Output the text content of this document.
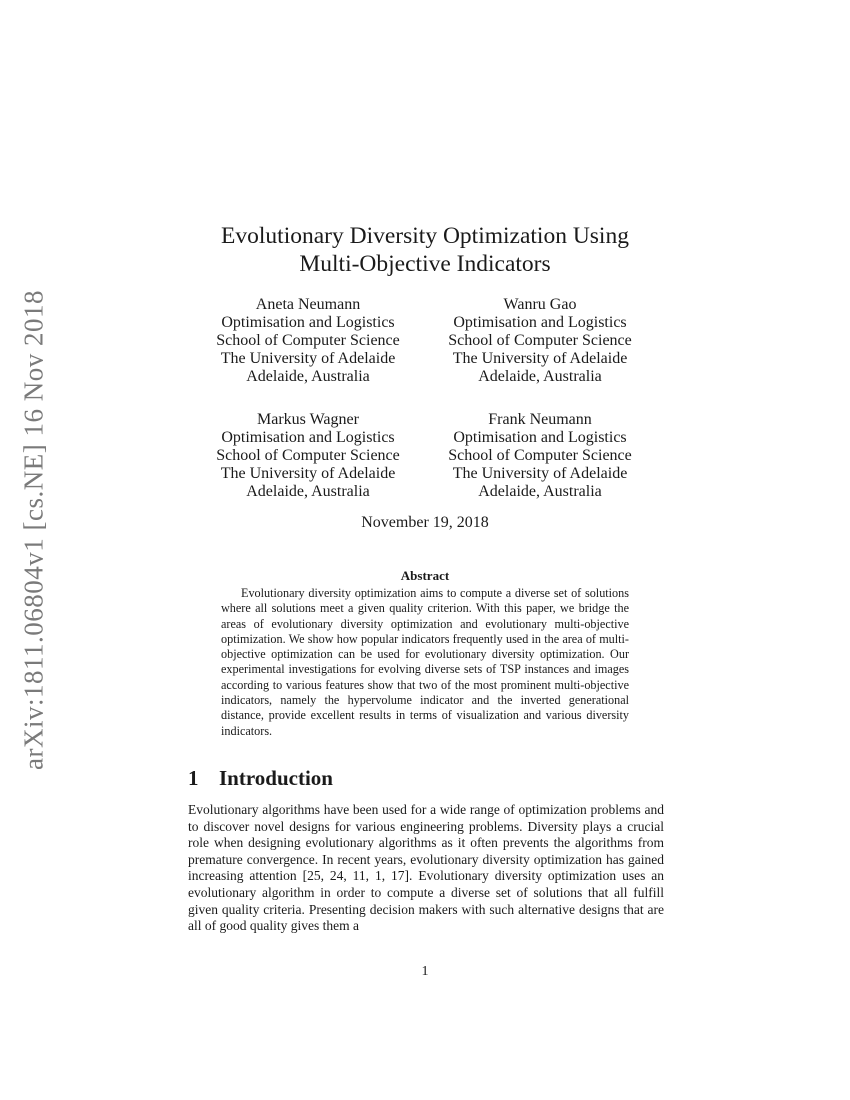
arXiv:1811.06804v1 [cs.NE] 16 Nov 2018
Evolutionary Diversity Optimization Using
Multi-Objective Indicators
Aneta Neumann
Optimisation and Logistics
School of Computer Science
The University of Adelaide
Adelaide, Australia
Wanru Gao
Optimisation and Logistics
School of Computer Science
The University of Adelaide
Adelaide, Australia
Markus Wagner
Optimisation and Logistics
School of Computer Science
The University of Adelaide
Adelaide, Australia
Frank Neumann
Optimisation and Logistics
School of Computer Science
The University of Adelaide
Adelaide, Australia
November 19, 2018
Abstract
Evolutionary diversity optimization aims to compute a diverse set of solutions where all solutions meet a given quality criterion. With this paper, we bridge the areas of evolutionary diversity optimization and evolutionary multi-objective optimization. We show how popular indicators frequently used in the area of multi-objective optimization can be used for evolutionary diversity optimization. Our experimental investigations for evolving diverse sets of TSP instances and images according to various features show that two of the most prominent multi-objective indicators, namely the hypervolume indicator and the inverted generational distance, provide excellent results in terms of visualization and various diversity indicators.
1 Introduction
Evolutionary algorithms have been used for a wide range of optimization problems and to discover novel designs for various engineering problems. Diversity plays a crucial role when designing evolutionary algorithms as it often prevents the algorithms from premature convergence. In recent years, evolutionary diversity optimization has gained increasing attention [25, 24, 11, 1, 17]. Evolutionary diversity optimization uses an evolutionary algorithm in order to compute a diverse set of solutions that all fulfill given quality criteria. Presenting decision makers with such alternative designs that are all of good quality gives them a
1
